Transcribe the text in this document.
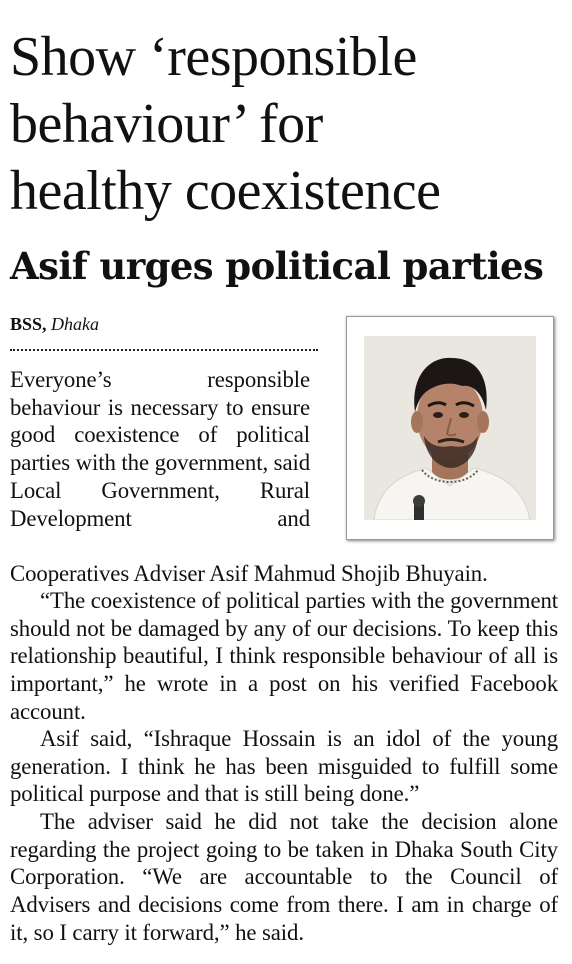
Show ‘responsible
behaviour’ for
healthy coexistence
Asif urges political parties
BSS, Dhaka

Everyone’s responsible behaviour is necessary to ensure good coexistence of political parties with the government, said Local Government, Rural Development and

Cooperatives Adviser Asif Mahmud Shojib Bhuyain.

“The coexistence of political parties with the government should not be damaged by any of our decisions. To keep this relationship beautiful, I think responsible behaviour of all is important,” he wrote in a post on his verified Facebook account.

Asif said, “Ishraque Hossain is an idol of the young generation. I think he has been misguided to fulfill some political purpose and that is still being done.”

The adviser said he did not take the decision alone regarding the project going to be taken in Dhaka South City Corporation. “We are accountable to the Council of Advisers and decisions come from there. I am in charge of it, so I carry it forward,” he said.
